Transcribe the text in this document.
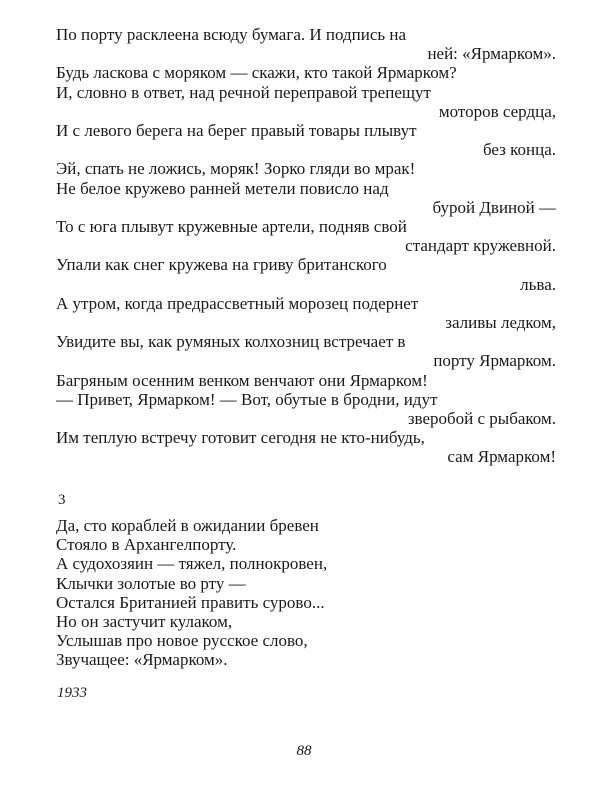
По порту расклеена всюду бумага. И подпись на
ней: «Ярмарком».
Будь ласкова с моряком — скажи, кто такой Ярмарком?
И, словно в ответ, над речной переправой трепещут
моторов сердца,
И с левого берега на берег правый товары плывут
без конца.
Эй, спать не ложись, моряк! Зорко гляди во мрак!
Не белое кружево ранней метели повисло над
бурой Двиной —
То с юга плывут кружевные артели, подняв свой
стандарт кружевной.
Упали как снег кружева на гриву британского
льва.
А утром, когда предрассветный морозец подернет
заливы ледком,
Увидите вы, как румяных колхозниц встречает в
порту Ярмарком.
Багряным осенним венком венчают они Ярмарком!
— Привет, Ярмарком! — Вот, обутые в бродни, идут
зверобой с рыбаком.
Им теплую встречу готовит сегодня не кто-нибудь,
сам Ярмарком!
3
Да, сто кораблей в ожидании бревен
Стояло в Архангелпорту.
А судохозяин — тяжел, полнокровен,
Клычки золотые во рту —
Остался Британией править сурово...
Но он застучит кулаком,
Услышав про новое русское слово,
Звучащее: «Ярмарком».
1933
88
